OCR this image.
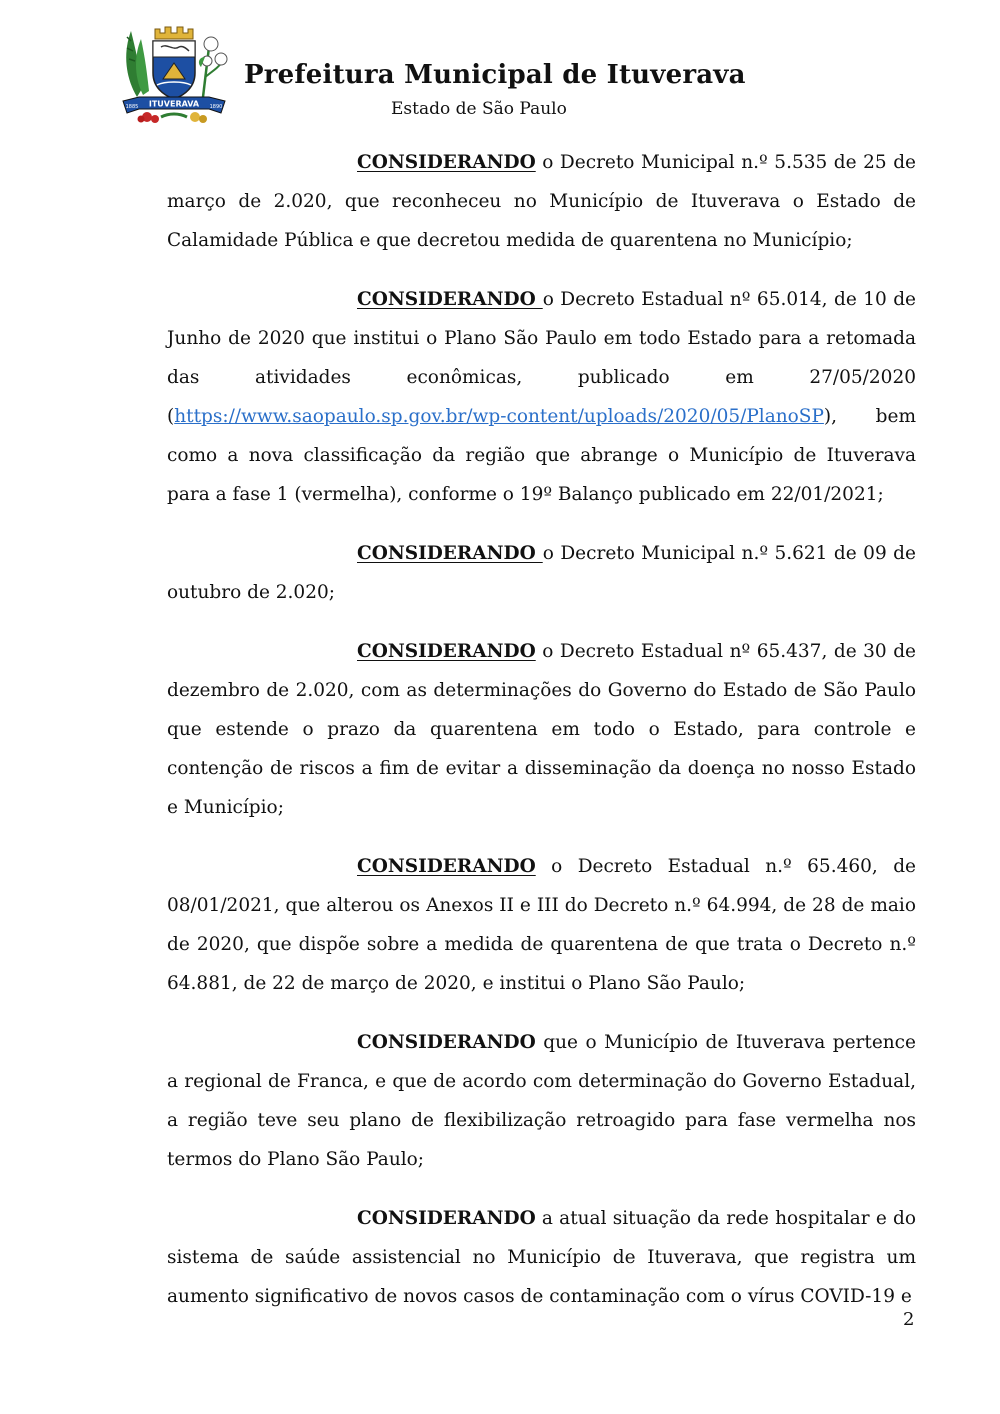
ITUVERAVA
1885	1890
Prefeitura Municipal de Ituverava
Estado de São Paulo

CONSIDERANDO o Decreto Municipal n.º 5.535 de 25 de março de 2.020, que reconheceu no Município de Ituverava o Estado de Calamidade Pública e que decretou medida de quarentena no Município;

CONSIDERANDO o Decreto Estadual nº 65.014, de 10 de Junho de 2020 que institui o Plano São Paulo em todo Estado para a retomada das atividades econômicas, publicado em 27/05/2020 (https://www.saopaulo.sp.gov.br/wp-content/uploads/2020/05/PlanoSP), bem como a nova classificação da região que abrange o Município de Ituverava para a fase 1 (vermelha), conforme o 19º Balanço publicado em 22/01/2021;

CONSIDERANDO o Decreto Municipal n.º 5.621 de 09 de outubro de 2.020;

CONSIDERANDO o Decreto Estadual nº 65.437, de 30 de dezembro de 2.020, com as determinações do Governo do Estado de São Paulo que estende o prazo da quarentena em todo o Estado, para controle e contenção de riscos a fim de evitar a disseminação da doença no nosso Estado e Município;

CONSIDERANDO o Decreto Estadual n.º 65.460, de 08/01/2021, que alterou os Anexos II e III do Decreto n.º 64.994, de 28 de maio de 2020, que dispõe sobre a medida de quarentena de que trata o Decreto n.º 64.881, de 22 de março de 2020, e institui o Plano São Paulo;

CONSIDERANDO que o Município de Ituverava pertence a regional de Franca, e que de acordo com determinação do Governo Estadual, a região teve seu plano de flexibilização retroagido para fase vermelha nos termos do Plano São Paulo;

CONSIDERANDO a atual situação da rede hospitalar e do sistema de saúde assistencial no Município de Ituverava, que registra um aumento significativo de novos casos de contaminação com o vírus COVID-19 e

2
